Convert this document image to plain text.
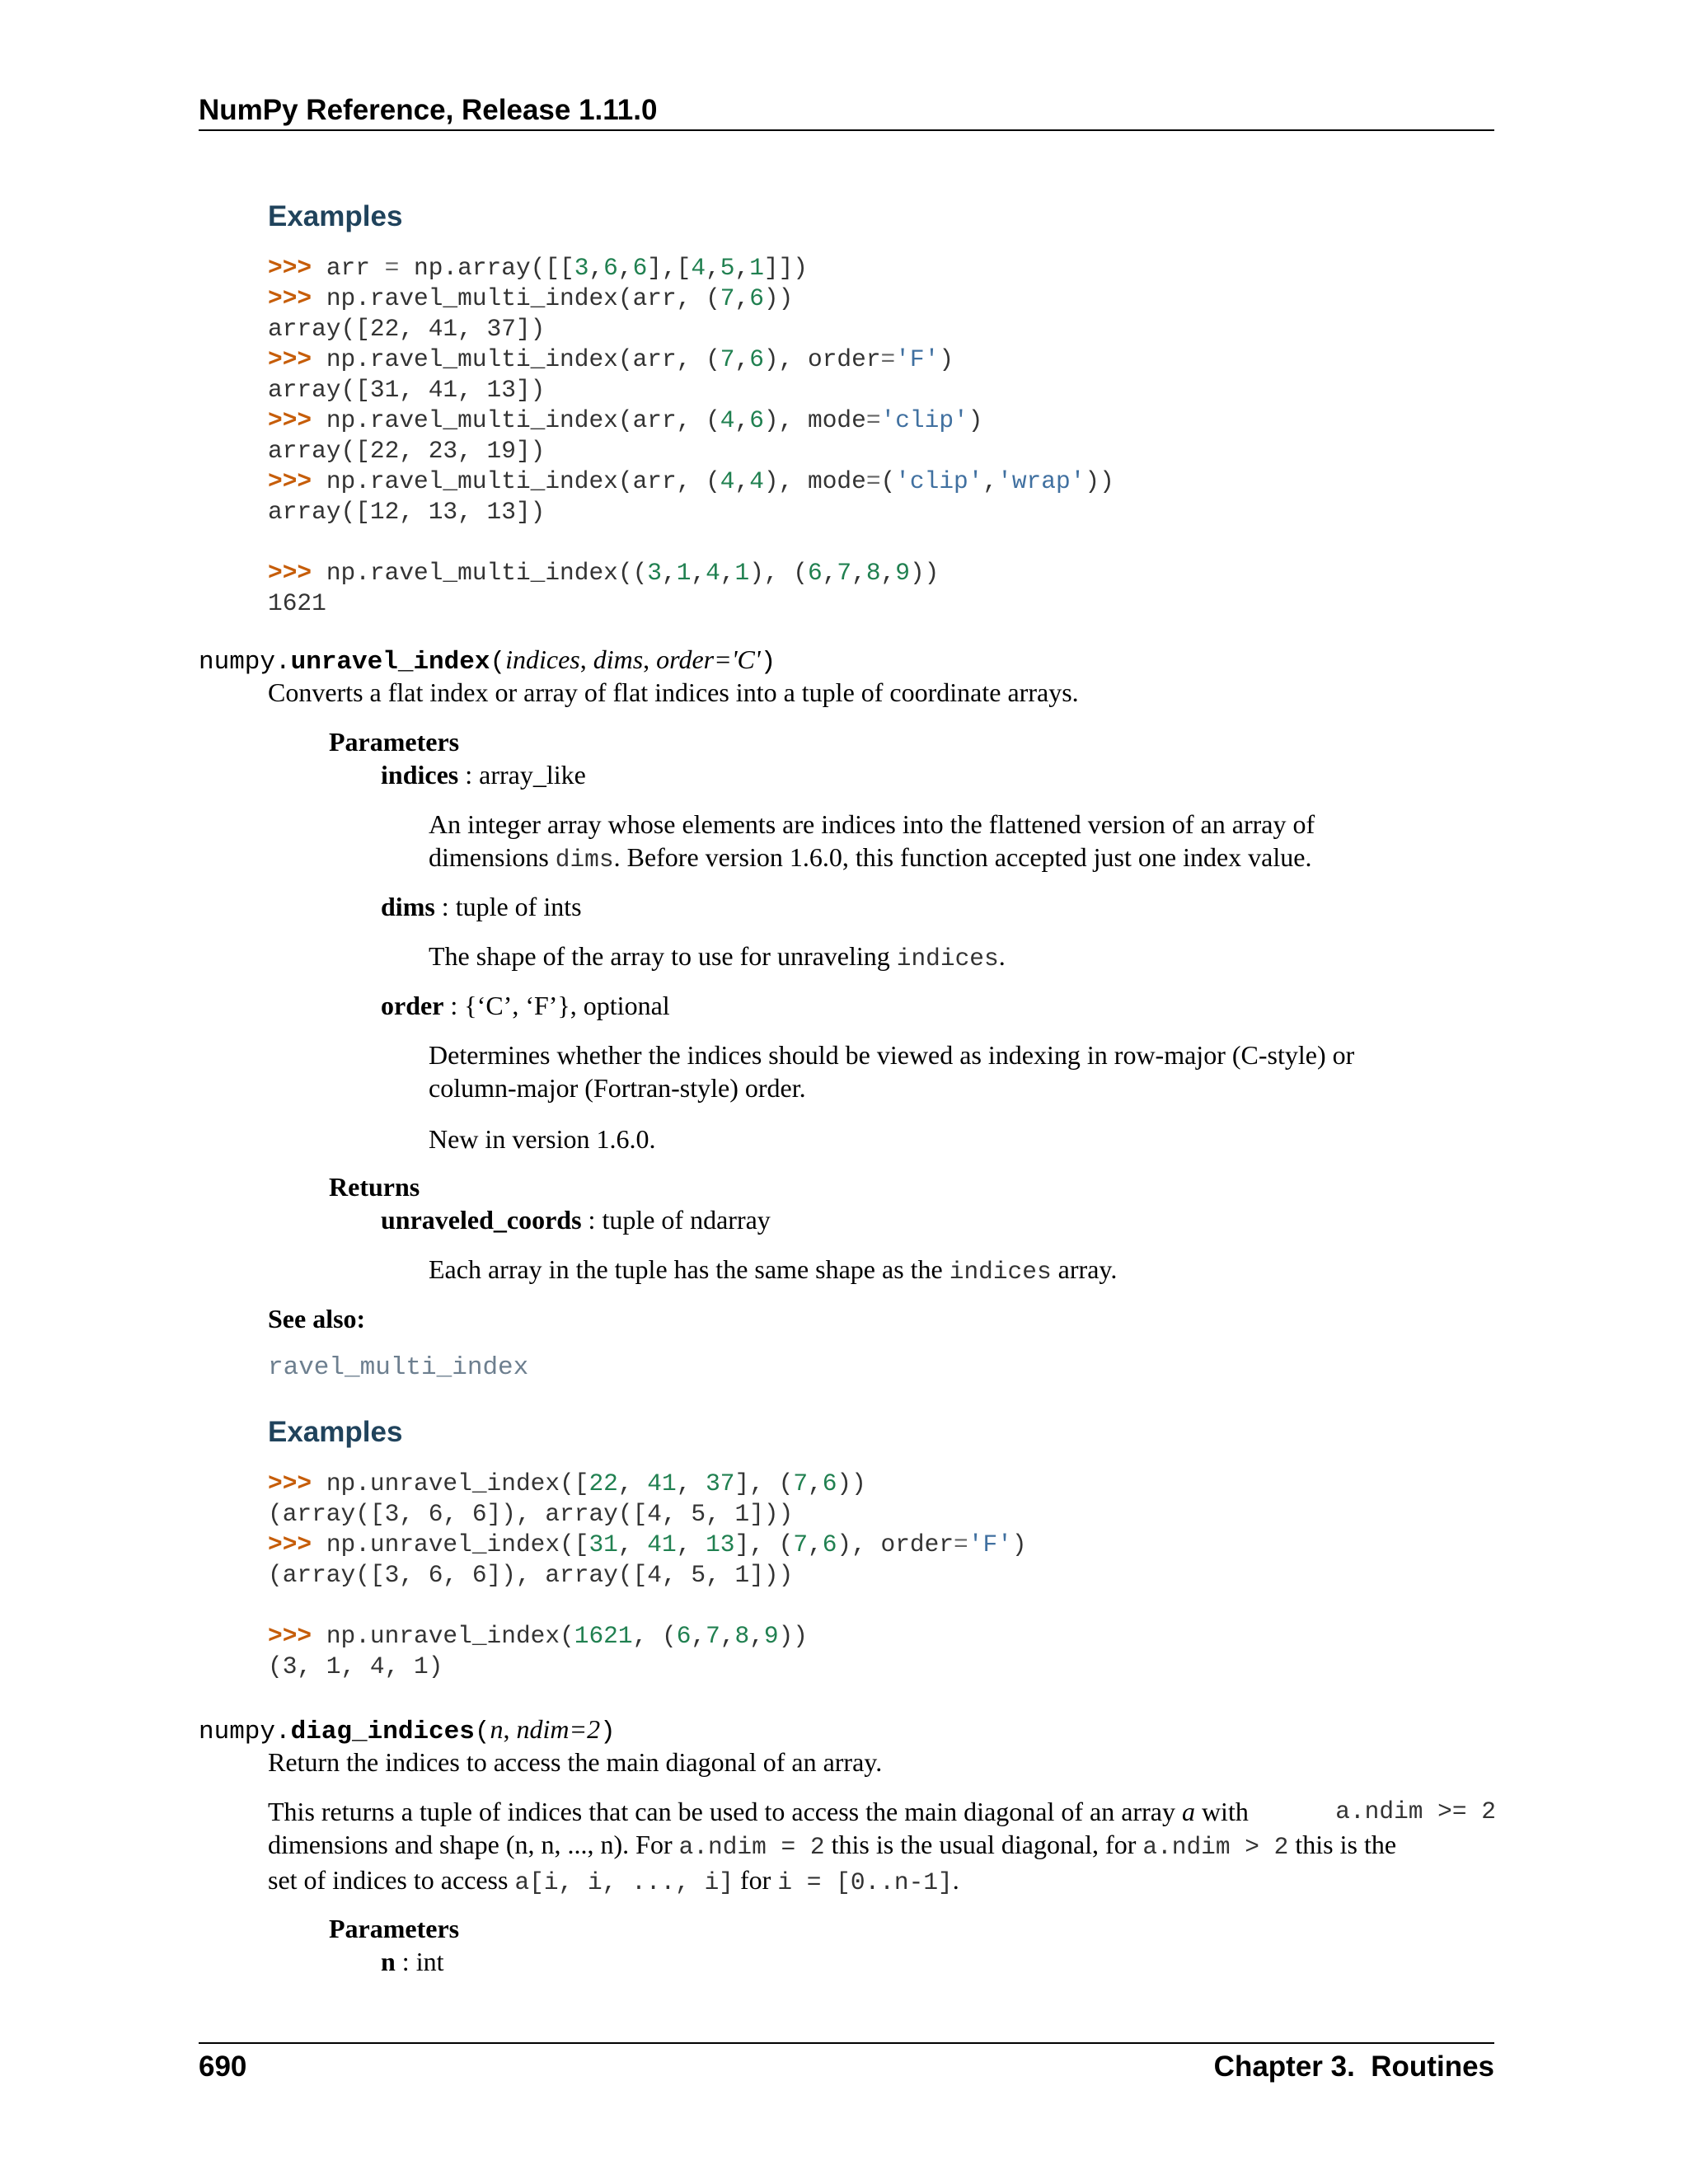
NumPy Reference, Release 1.11.0
Examples
>>> arr = np.array([[3,6,6],[4,5,1]])
>>> np.ravel_multi_index(arr, (7,6))
array([22, 41, 37])
>>> np.ravel_multi_index(arr, (7,6), order='F')
array([31, 41, 13])
>>> np.ravel_multi_index(arr, (4,6), mode='clip')
array([22, 23, 19])
>>> np.ravel_multi_index(arr, (4,4), mode=('clip','wrap'))
array([12, 13, 13])
>>> np.ravel_multi_index((3,1,4,1), (6,7,8,9))
1621
numpy.unravel_index(indices, dims, order='C')
Converts a flat index or array of flat indices into a tuple of coordinate arrays.
Parameters
indices : array_like
An integer array whose elements are indices into the flattened version of an array of
dimensions dims. Before version 1.6.0, this function accepted just one index value.
dims : tuple of ints
The shape of the array to use for unraveling indices.
order : {‘C’, ‘F’}, optional
Determines whether the indices should be viewed as indexing in row-major (C-style) or
column-major (Fortran-style) order.
New in version 1.6.0.
Returns
unraveled_coords : tuple of ndarray
Each array in the tuple has the same shape as the indices array.
See also:
ravel_multi_index
Examples
>>> np.unravel_index([22, 41, 37], (7,6))
(array([3, 6, 6]), array([4, 5, 1]))
>>> np.unravel_index([31, 41, 13], (7,6), order='F')
(array([3, 6, 6]), array([4, 5, 1]))
>>> np.unravel_index(1621, (6,7,8,9))
(3, 1, 4, 1)
numpy.diag_indices(n, ndim=2)
Return the indices to access the main diagonal of an array.
This returns a tuple of indices that can be used to access the main diagonal of an array a with	a.ndim >= 2
dimensions and shape (n, n, ..., n). For a.ndim = 2 this is the usual diagonal, for a.ndim > 2 this is the
set of indices to access a[i, i, ..., i] for i = [0..n-1].
Parameters
n : int
690	Chapter 3.  Routines
